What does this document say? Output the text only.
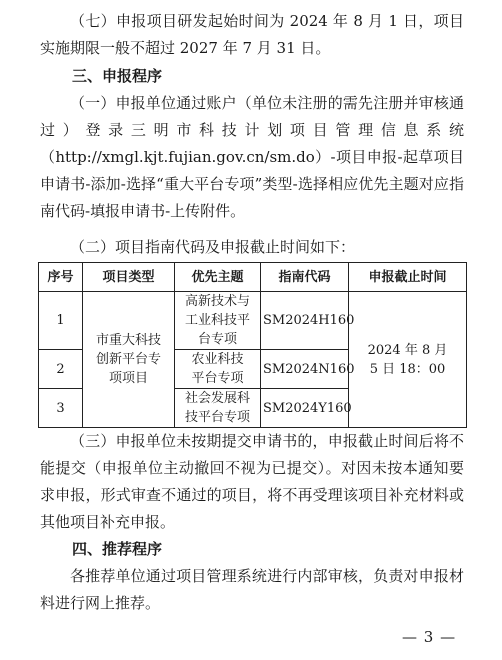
（七）申报项目研发起始时间为 2024 年 8 月 1 日，项目实施期限一般不超过 2027 年 7 月 31 日。

三、申报程序

（一）申报单位通过账户（单位未注册的需先注册并审核通过）登录三明市科技计划项目管理信息系统（http://xmgl.kjt.fujian.gov.cn/sm.do）-项目申报-起草项目申请书-添加-选择“重大平台专项”类型-选择相应优先主题对应指南代码-填报申请书-上传附件。

（二）项目指南代码及申报截止时间如下：

序号	项目类型	优先主题	指南代码	申报截止时间
1	市重大科技创新平台专项项目	高新技术与工业科技平台专项	SM2024H160	2024 年 8 月 5 日 18：00
2		农业科技平台专项	SM2024N160	
3		社会发展科技平台专项	SM2024Y160	

（三）申报单位未按期提交申请书的，申报截止时间后将不能提交（申报单位主动撤回不视为已提交）。对因未按本通知要求申报，形式审查不通过的项目，将不再受理该项目补充材料或其他项目补充申报。

四、推荐程序

各推荐单位通过项目管理系统进行内部审核，负责对申报材料进行网上推荐。

— 3 —
